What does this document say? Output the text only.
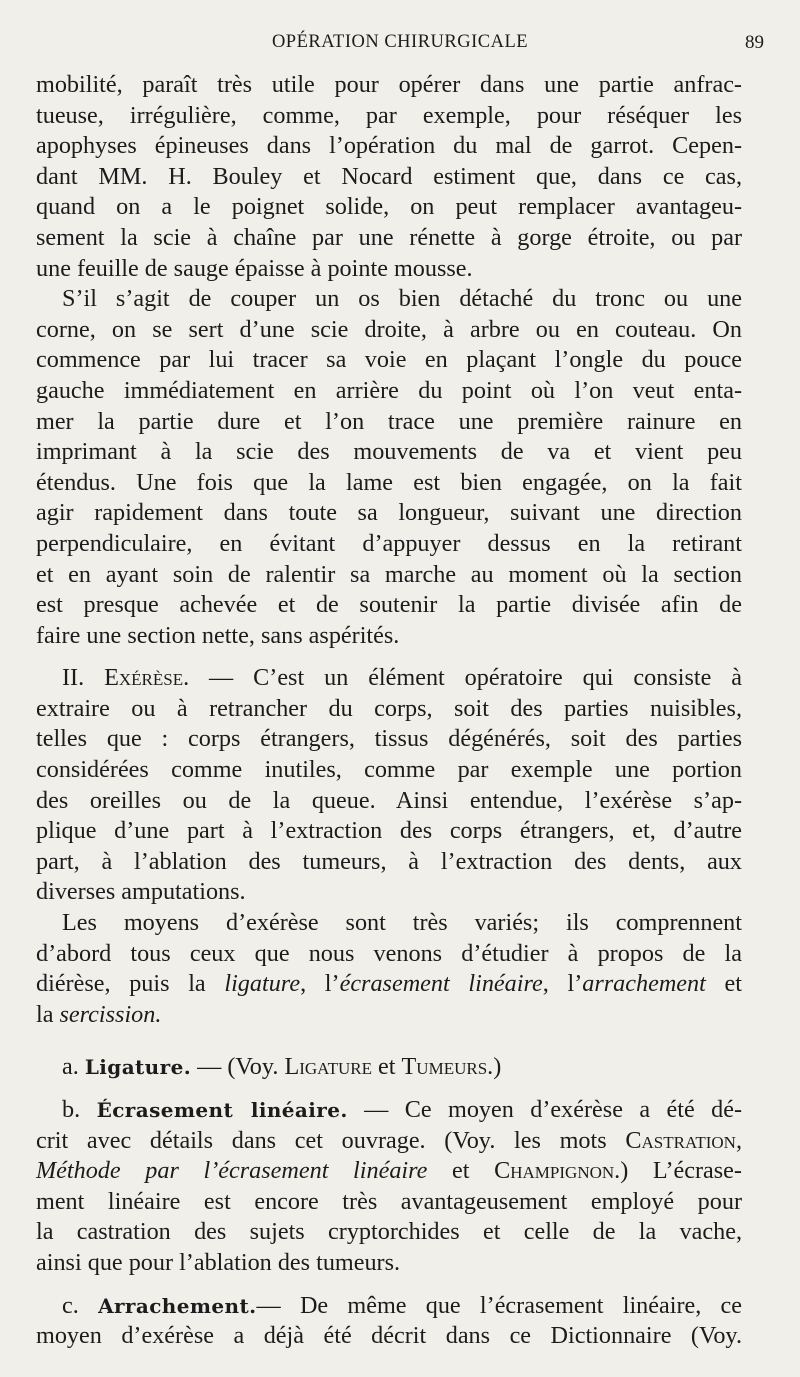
OPÉRATION CHIRURGICALE	89
mobilité, paraît très utile pour opérer dans une partie anfrac-
tueuse, irrégulière, comme, par exemple, pour réséquer les
apophyses épineuses dans l’opération du mal de garrot. Cepen-
dant MM. H. Bouley et Nocard estiment que, dans ce cas,
quand on a le poignet solide, on peut remplacer avantageu-
sement la scie à chaîne par une rénette à gorge étroite, ou par
une feuille de sauge épaisse à pointe mousse.
S’il s’agit de couper un os bien détaché du tronc ou une
corne, on se sert d’une scie droite, à arbre ou en couteau. On
commence par lui tracer sa voie en plaçant l’ongle du pouce
gauche immédiatement en arrière du point où l’on veut enta-
mer la partie dure et l’on trace une première rainure en
imprimant à la scie des mouvements de va et vient peu
étendus. Une fois que la lame est bien engagée, on la fait
agir rapidement dans toute sa longueur, suivant une direction
perpendiculaire, en évitant d’appuyer dessus en la retirant
et en ayant soin de ralentir sa marche au moment où la section
est presque achevée et de soutenir la partie divisée afin de
faire une section nette, sans aspérités.
II. Exérèse. — C’est un élément opératoire qui consiste à
extraire ou à retrancher du corps, soit des parties nuisibles,
telles que : corps étrangers, tissus dégénérés, soit des parties
considérées comme inutiles, comme par exemple une portion
des oreilles ou de la queue. Ainsi entendue, l’exérèse s’ap-
plique d’une part à l’extraction des corps étrangers, et, d’autre
part, à l’ablation des tumeurs, à l’extraction des dents, aux
diverses amputations.
Les moyens d’exérèse sont très variés; ils comprennent
d’abord tous ceux que nous venons d’étudier à propos de la
diérèse, puis la ligature, l’écrasement linéaire, l’arrachement et
la sercission.
a. Ligature. — (Voy. Ligature et Tumeurs.)
b. Écrasement linéaire. — Ce moyen d’exérèse a été dé-
crit avec détails dans cet ouvrage. (Voy. les mots Castration,
Méthode par l’écrasement linéaire et Champignon.) L’écrase-
ment linéaire est encore très avantageusement employé pour
la castration des sujets cryptorchides et celle de la vache,
ainsi que pour l’ablation des tumeurs.
c. Arrachement.— De même que l’écrasement linéaire, ce
moyen d’exérèse a déjà été décrit dans ce Dictionnaire (Voy.
